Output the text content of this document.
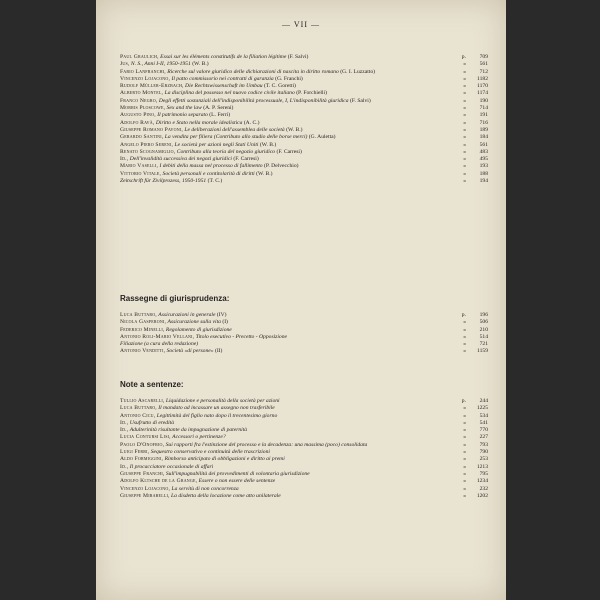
— VII —
Paul Graulich, Essai sur les éléments constitutifs de la filiation légitime (F. Salvi)	p.	709
Jus, N. S., Anni I-II, 1950-1951 (W. B.)	»	561
Fabio Lanfranchi, Ricerche sul valore giuridico delle dichiarazioni di nascita in diritto romano (G. I. Luzzatto)	»	712
Vincenzo Lojacono, Il patto commissorio nei contratti di garanzia (G. Franchi)	»	1182
Rudolf Müller-Erzbach, Die Rechtswissenschaft im Umbau (T. C. Goretti)	»	1170
Alberto Montel, La disciplina del possesso nel nuovo codice civile italiano (P. Forchielli)	»	1174
Franco Negro, Degli effetti sostanziali dell'indisponibilità processuale, I, L'indisponibilità giuridica (F. Salvi)	»	190
Morris Ploscowe, Sex and the law (A. P. Sereni)	»	714
Augusto Pino, Il patrimonio separato (L. Ferri)	»	191
Adolfo Ravà, Diritto e Stato nella morale idealistica (A. C.)	»	716
Giuseppe Romano Pavoni, Le deliberazioni dell'assemblea delle società (W. B.)	»	189
Gerardo Santini, La vendita per filiera (Contributo allo studio delle borse merci) (G. Auletta)	»	184
Angelo Piero Sereni, Le società per azioni negli Stati Uniti (W. B.)	»	561
Renato Scognamiglio, Contributo alla teoria del negozio giuridico (F. Carresi)	»	483
Id., Dell'invalidità successiva dei negozi giuridici (F. Carresi)	»	495
Mario Vaselli, I debiti della massa nel processo di fallimento (P. Delvecchio)	»	193
Vittorio Vitale, Società personali e contitolarità di diritti (W. B.)	»	188
Zeitschrift für Zivilprozess, 1950-1951 (T. C.)	»	194
Rassegne di giurisprudenza:
Luca Buttaro, Assicurazioni in generale (IV)	p.	196
Nicola Gasperoni, Assicurazione sulla vita (I)	»	506
Federico Minelli, Regolamento di giurisdizione	»	210
Antonio Roli-Mario Vellani, Titolo esecutivo - Precetto - Opposizione	»	514
Filiazione (a cura della redazione)	»	721
Antonio Venditti, Società «di persone» (II)	»	1159
Note a sentenze:
Tullio Ascarelli, Liquidazione e personalità della società per azioni	p.	244
Luca Buttaro, Il mandato ad incassare un assegno non trasferibile	»	1225
Antonio Cicu, Legittimità del figlio nato dopo il trecentesimo giorno	»	534
Id., Usufrutto di eredità	»	541
Id., Adulterinità risultante da impugnazione di paternità	»	770
Lucia Contursi Lisi, Accessori o pertinenze?	»	227
Paolo D'Onofrio, Sui rapporti fra l'estinzione del processo e la decadenza: una massima (poco) consolidata	»	793
Luigi Ferri, Sequestro conservativo e continuità delle trascrizioni	»	790
Aldo Formiggini, Rimborso anticipato di obbligazioni e diritto ai premi	»	253
Id., Il procacciatore occasionale di affari	»	1213
Giuseppe Franchi, Sull'impugnabilità dei provvedimenti di volontaria giurisdizione	»	795
Adolfo Kltsche de la Grange, Essere o non essere delle sentenze	»	1234
Vincenzo Lojacono, La servitù di non concorrenza	»	232
Giuseppe Mirabelli, La disdetta della locazione come atto unilaterale	»	1202
